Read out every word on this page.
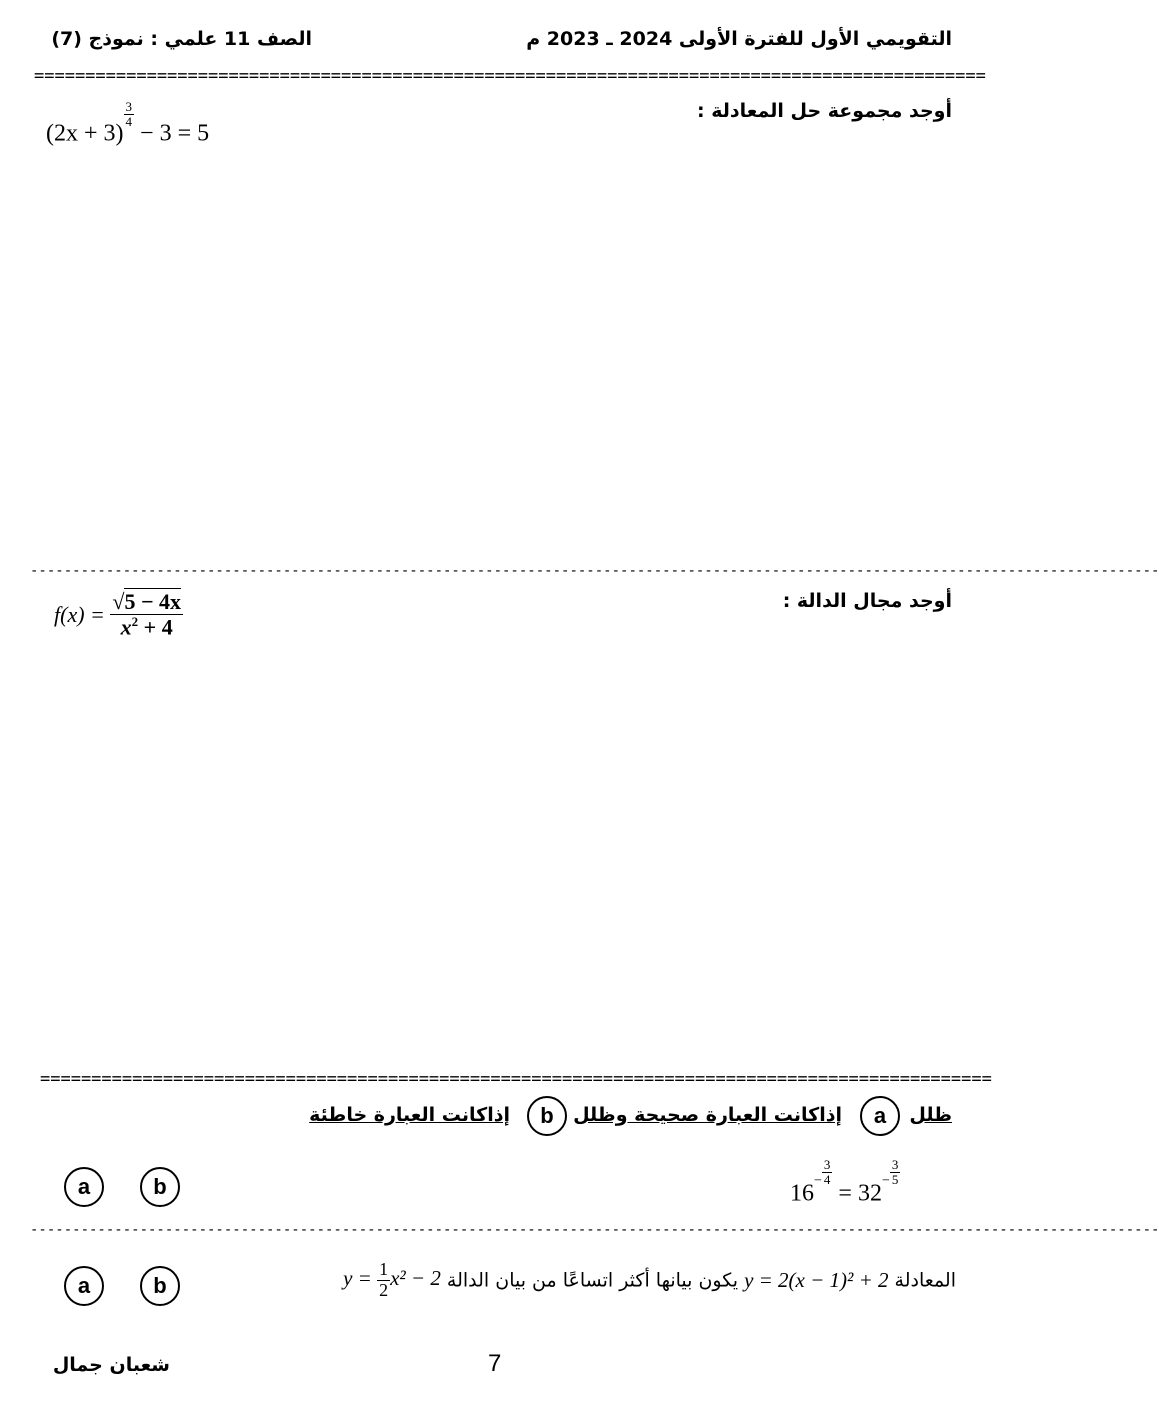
التقويمي الأول للفترة الأولى 2024 ـ 2023 م
الصف 11 علمي : نموذج (7)
=============================================================================================
أوجد مجموعة حل المعادلة :
(2x + 3)
$\frac{3}{4}$
− 3 = 5
--------------------------------------------------------------------------------------------------------------------------------------
أوجد مجال الدالة :
$f(x) = \frac{√5 - 4x}{x^2 + 4}$
=============================================================================================
ظلل
a
إذاكانت العبارة صحيحة وظلل
b
إذاكانت العبارة خاطئة
a	b	$16^- \frac{3}{4}$
= $32^- \frac{3}{5}$
--------------------------------------------------------------------------------------------------------------------------------------
a	b	المعادلة y = 2(x − 1)² + 2 يكون بيانها أكثر اتساعًا من بيان الدالة $y = \frac{1}{2} x^2 - 2$
شعبان جمال	7
